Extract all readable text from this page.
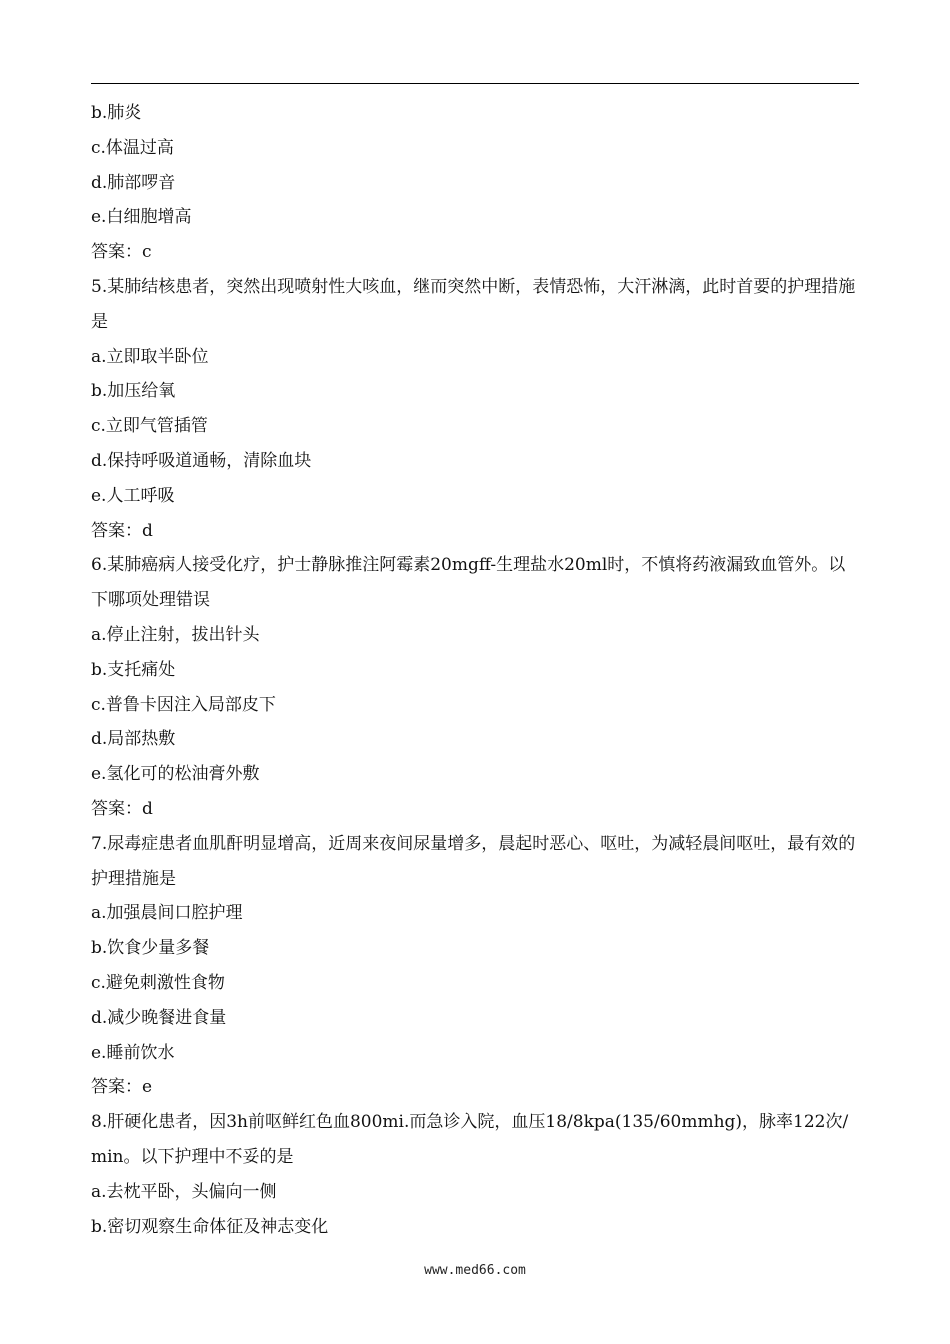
b.肺炎
c.体温过高
d.肺部啰音
e.白细胞增高
答案：c
5.某肺结核患者，突然出现喷射性大咳血，继而突然中断，表情恐怖，大汗淋漓，此时首要的护理措施是
a.立即取半卧位
b.加压给氧
c.立即气管插管
d.保持呼吸道通畅，清除血块
e.人工呼吸
答案：d
6.某肺癌病人接受化疗，护士静脉推注阿霉素20mgff-生理盐水20ml时，不慎将药液漏致血管外。以下哪项处理错误
a.停止注射，拔出针头
b.支托痛处
c.普鲁卡因注入局部皮下
d.局部热敷
e.氢化可的松油膏外敷
答案：d
7.尿毒症患者血肌酐明显增高，近周来夜间尿量增多，晨起时恶心、呕吐，为减轻晨间呕吐，最有效的护理措施是
a.加强晨间口腔护理
b.饮食少量多餐
c.避免刺激性食物
d.减少晚餐进食量
e.睡前饮水
答案：e
8.肝硬化患者，因3h前呕鲜红色血800mi.而急诊入院，血压18/8kpa(135/60mmhg)，脉率122次/min。以下护理中不妥的是
a.去枕平卧，头偏向一侧
b.密切观察生命体征及神志变化
www.med66.com
